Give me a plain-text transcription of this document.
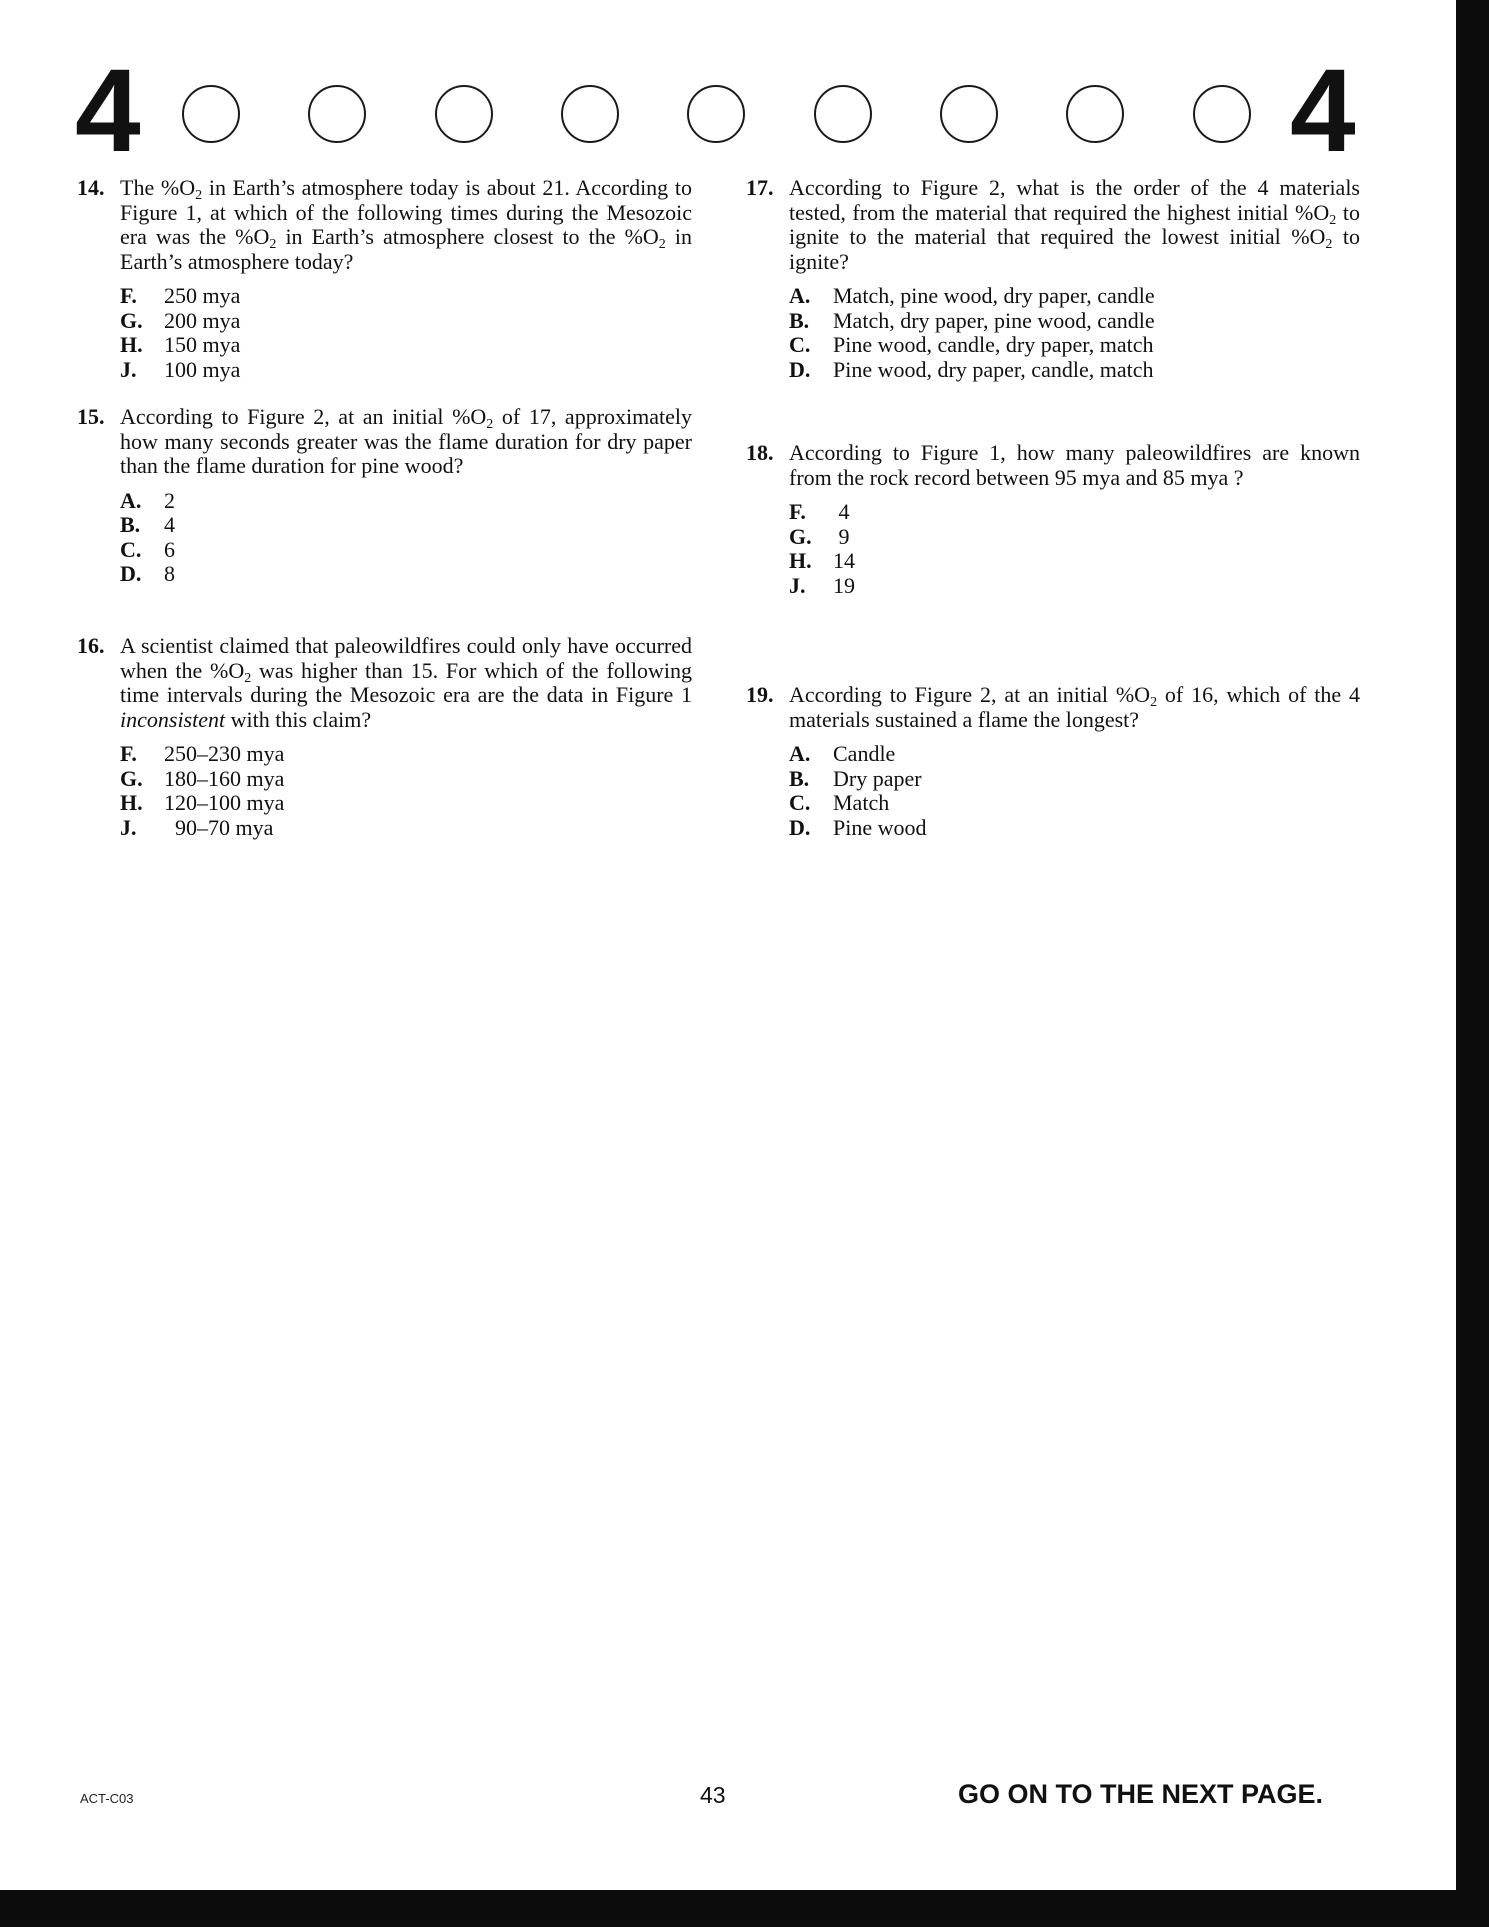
4	4
14. The $\%O_2$ in Earth’s atmosphere today is about 21. According to Figure 1, at which of the following times during the Mesozoic era was the $\%O_2$ in Earth’s atmosphere closest to the $\%O_2$ in Earth’s atmosphere today?
F.	250 mya
G. 200 mya
H. 150 mya
J.	100 mya
15. According to Figure 2, at an initial $\%O_2$ of 17, approximately how many seconds greater was the flame duration for dry paper than the flame duration for pine wood?
A.	2
B.	4
C.	6
D.	8
16. A scientist claimed that paleowildfires could only have occurred when the $\%O_2$ was higher than 15. For which of the following time intervals during the Mesozoic era are the data in Figure 1 inconsistent with this claim?
F.	250–230 mya
G. 180–160 mya
H. 120–100 mya
J.	90–70 mya
17. According to Figure 2, what is the order of the 4 materials tested, from the material that required the highest initial $\%O_2$ to ignite to the material that required the lowest initial $\%O_2$ to ignite?
A.	Match, pine wood, dry paper, candle
B.	Match, dry paper, pine wood, candle
C.	Pine wood, candle, dry paper, match
D.	Pine wood, dry paper, candle, match
18. According to Figure 1, how many paleowildfires are known from the rock record between 95 mya and 85 mya ?
F.	4
G. 9
H. 14
J.	19
19. According to Figure 2, at an initial $\%O_2$ of 16, which of the 4 materials sustained a flame the longest?
A.	Candle
B.	Dry paper
C.	Match
D.	Pine wood
ACT-C03	43	GO ON TO THE NEXT PAGE.
